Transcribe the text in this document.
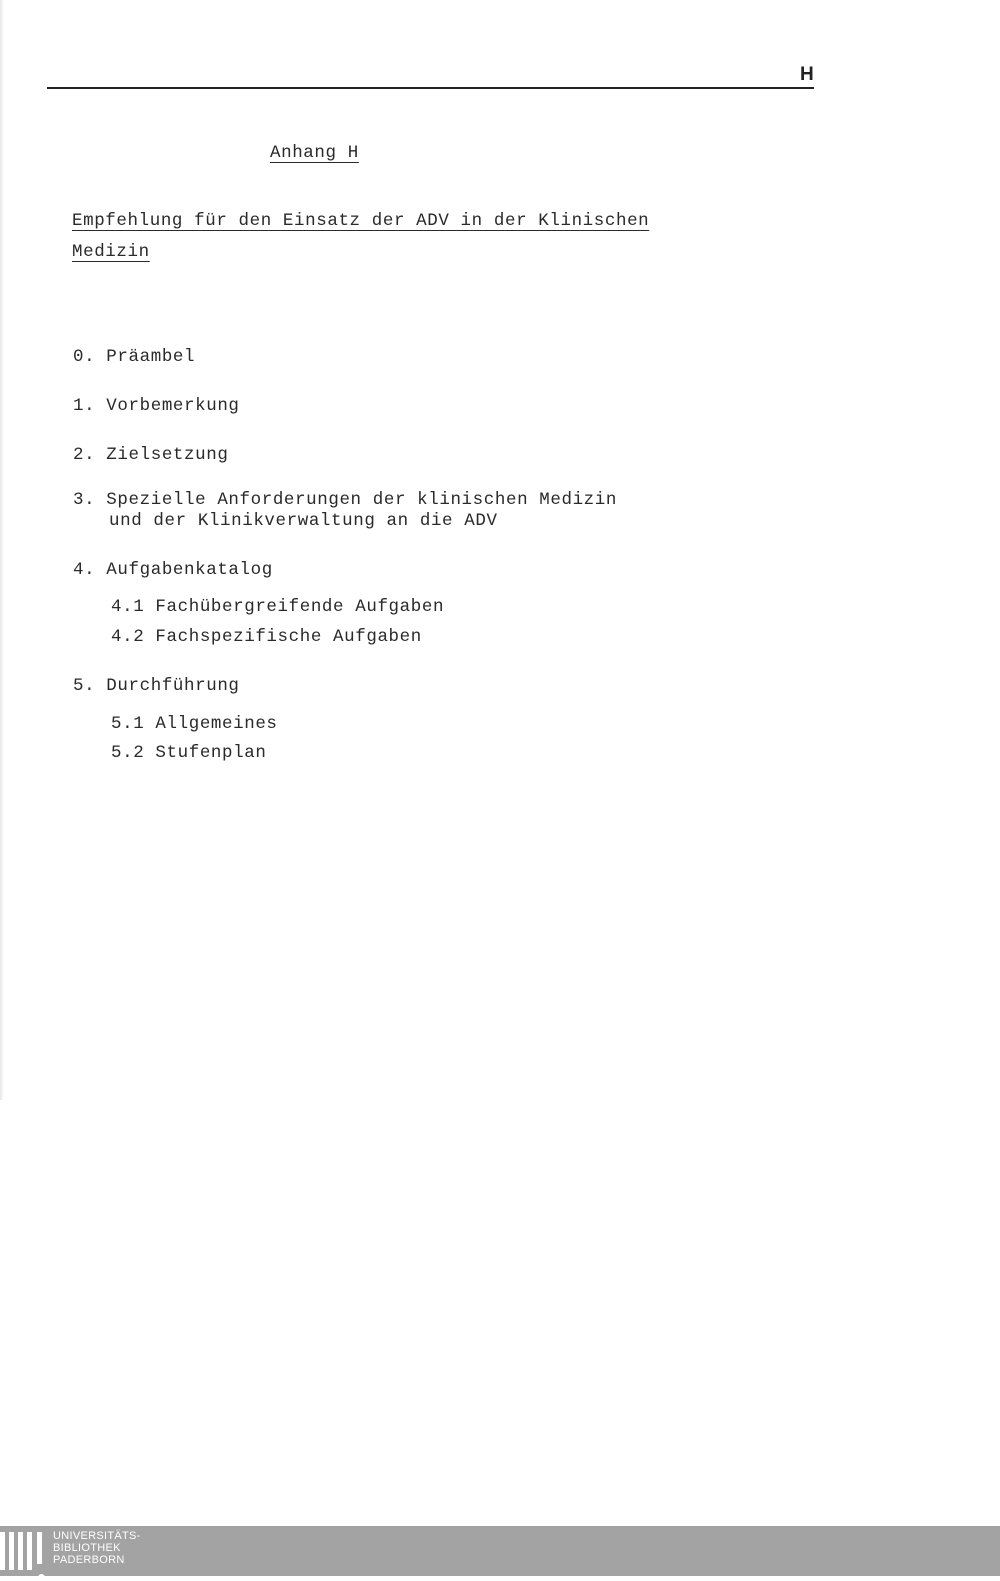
H
Anhang H
Empfehlung für den Einsatz der ADV in der Klinischen
Medizin
0. Präambel
1. Vorbemerkung
2. Zielsetzung
3. Spezielle Anforderungen der klinischen Medizin
und der Klinikverwaltung an die ADV
4. Aufgabenkatalog
4.1 Fachübergreifende Aufgaben
4.2 Fachspezifische Aufgaben
5. Durchführung
5.1 Allgemeines
5.2 Stufenplan
UNIVERSITÄTS-
BIBLIOTHEK
PADERBORN
